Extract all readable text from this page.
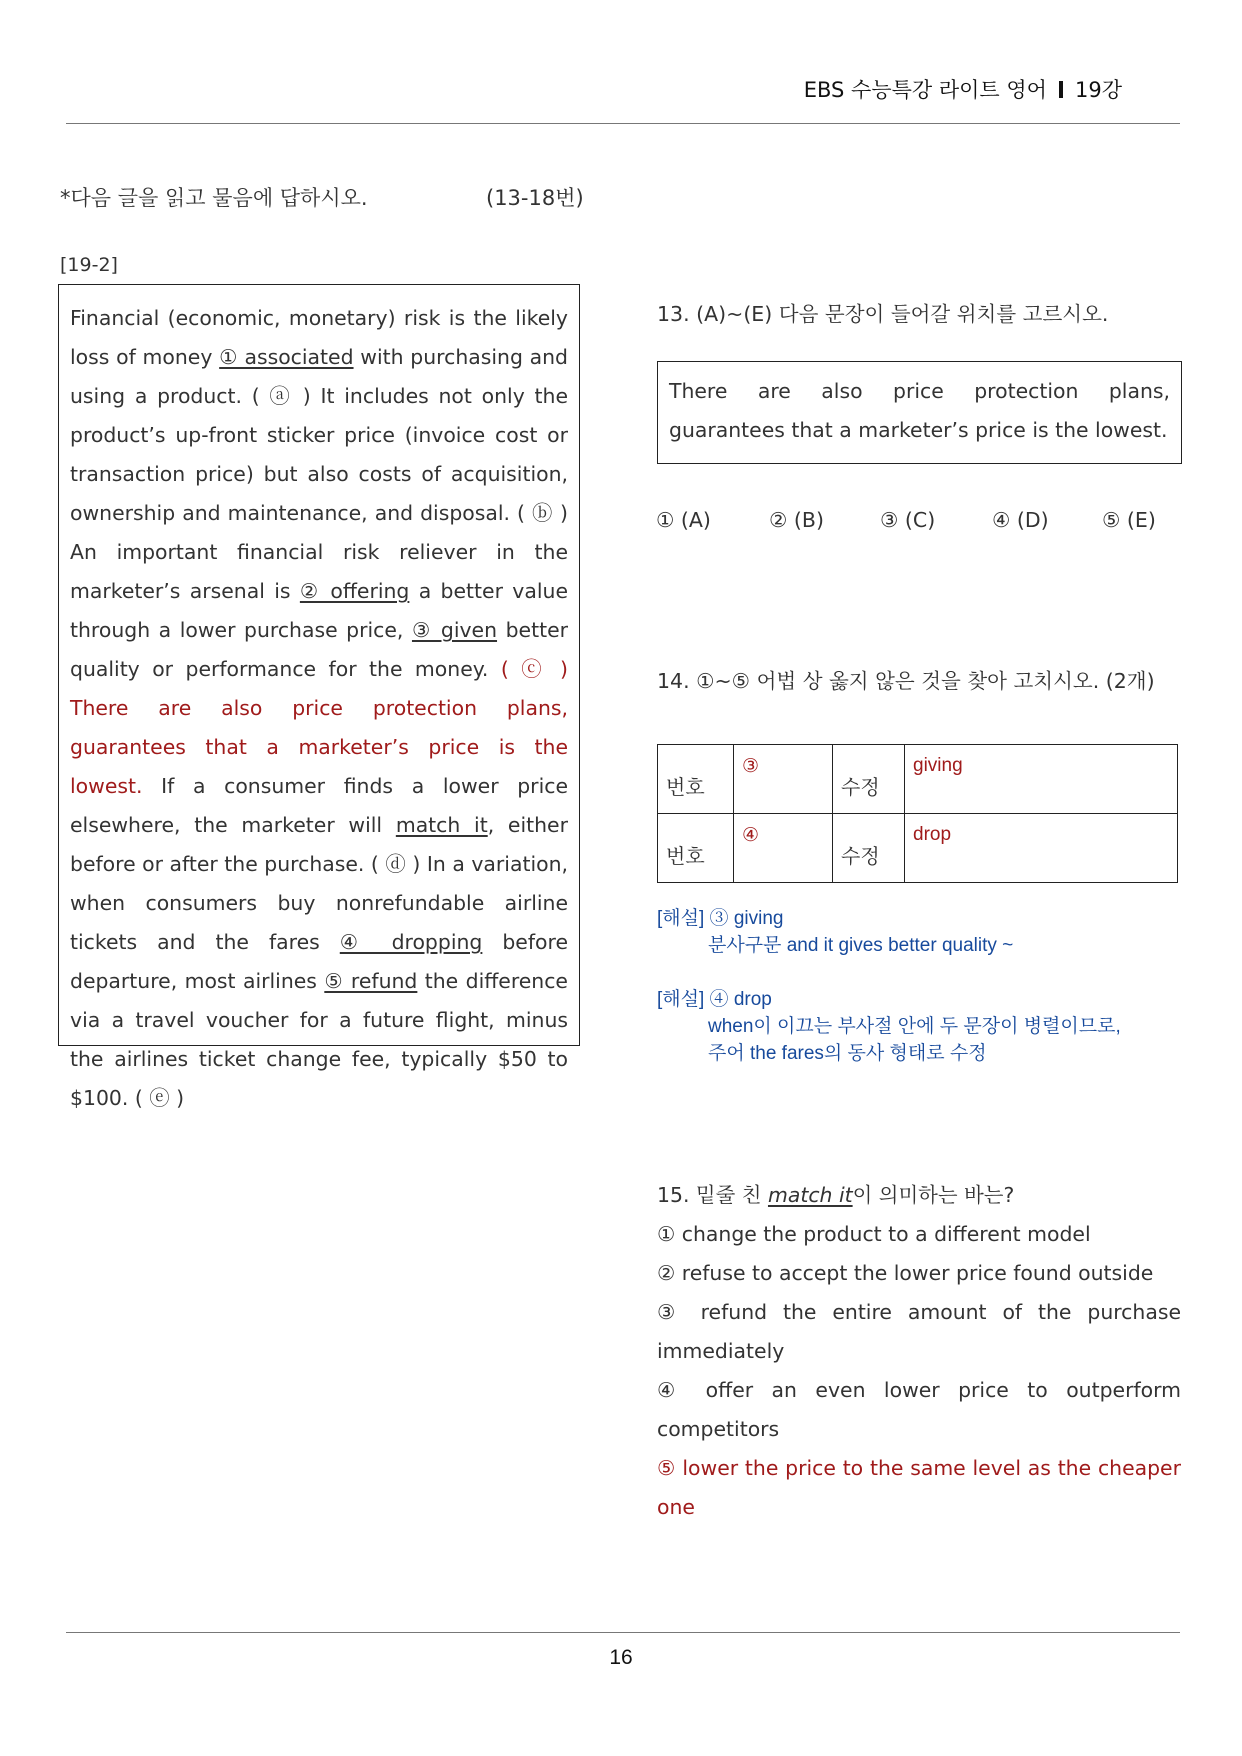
EBS 수능특강 라이트 영어 19강
*다음 글을 읽고 물음에 답하시오.	(13-18번)
[19-2]
Financial (economic, monetary) risk is the likely loss of money ① associated with purchasing and using a product. ( ⓐ ) It includes not only the product’s up-front sticker price (invoice cost or transaction price) but also costs of acquisition, ownership and maintenance, and disposal. ( ⓑ ) An important financial risk reliever in the marketer’s arsenal is ② offering a better value through a lower purchase price, ③ given better quality or performance for the money. ( ⓒ ) There are also price protection plans, guarantees that a marketer’s price is the lowest. If a consumer finds a lower price elsewhere, the marketer will match it, either before or after the purchase. ( ⓓ ) In a variation, when consumers buy nonrefundable airline tickets and the fares ④ dropping before departure, most airlines ⑤ refund the difference via a travel voucher for a future flight, minus the airlines ticket change fee, typically $50 to $100. ( ⓔ )
13. (A)~(E) 다음 문장이 들어갈 위치를 고르시오.
There are also price protection plans, guarantees that a marketer’s price is the lowest.
① (A)	② (B)	③ (C)	④ (D)	⑤ (E)
14. ①~⑤ 어법 상 옳지 않은 것을 찾아 고치시오. (2개)
번호	③	수정	giving
번호	④	수정	drop
[해설] ③ giving
분사구문 and it gives better quality ~
[해설] ④ drop
when이 이끄는 부사절 안에 두 문장이 병렬이므로,
주어 the fares의 동사 형태로 수정
15. 밑줄 친 match it이 의미하는 바는?
① change the product to a different model
② refuse to accept the lower price found outside
③ refund the entire amount of the purchase immediately
④ offer an even lower price to outperform competitors
⑤ lower the price to the same level as the cheaper one
16
